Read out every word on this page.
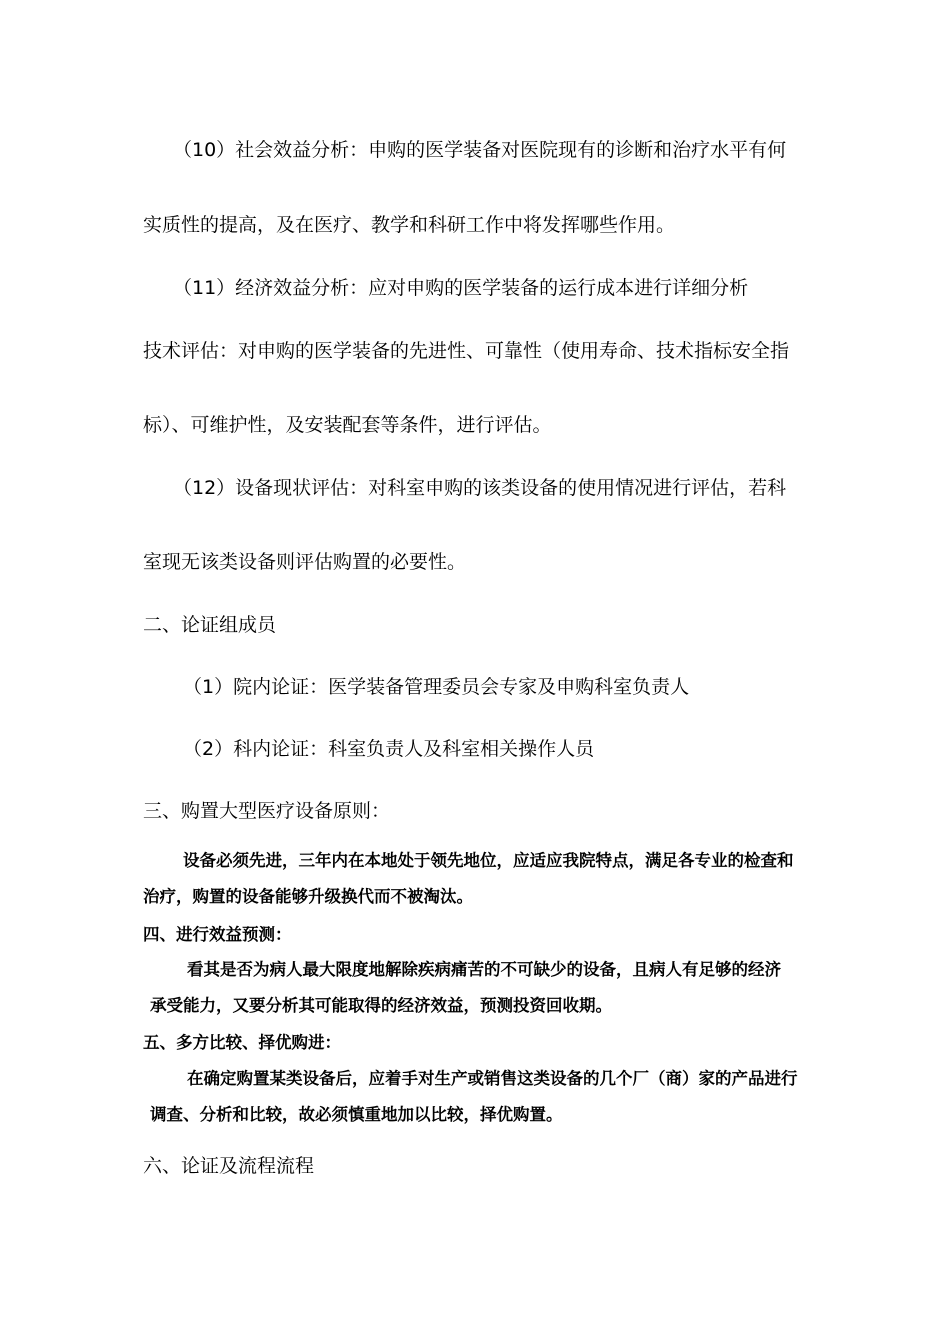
（10）社会效益分析：申购的医学装备对医院现有的诊断和治疗水平有何
实质性的提高，及在医疗、教学和科研工作中将发挥哪些作用。
（11）经济效益分析：应对申购的医学装备的运行成本进行详细分析
技术评估：对申购的医学装备的先进性、可靠性（使用寿命、技术指标安全指
标）、可维护性，及安装配套等条件，进行评估。
（12）设备现状评估：对科室申购的该类设备的使用情况进行评估，若科
室现无该类设备则评估购置的必要性。
二、论证组成员
（1）院内论证：医学装备管理委员会专家及申购科室负责人
（2）科内论证：科室负责人及科室相关操作人员
三、购置大型医疗设备原则：
设备必须先进，三年内在本地处于领先地位，应适应我院特点，满足各专业的检查和
治疗，购置的设备能够升级换代而不被淘汰。
四、进行效益预测：
看其是否为病人最大限度地解除疾病痛苦的不可缺少的设备，且病人有足够的经济
承受能力，又要分析其可能取得的经济效益，预测投资回收期。
五、多方比较、择优购进：
在确定购置某类设备后，应着手对生产或销售这类设备的几个厂（商）家的产品进行
调查、分析和比较，故必须慎重地加以比较，择优购置。
六、论证及流程流程
